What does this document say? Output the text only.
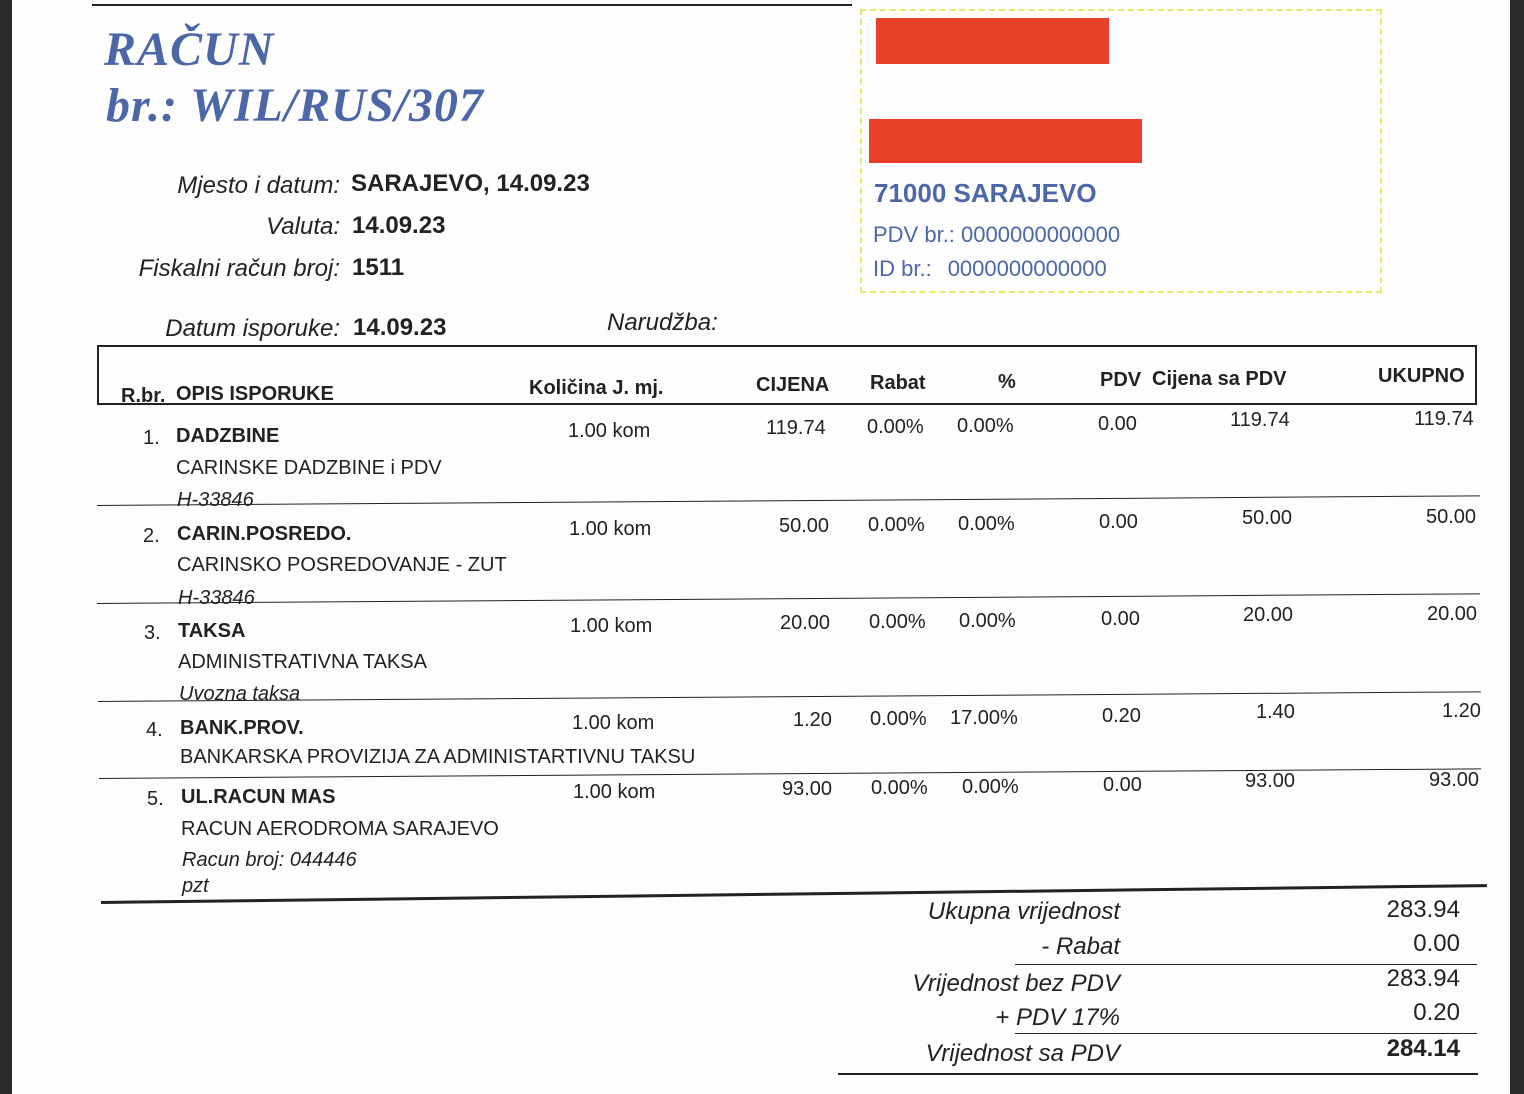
RAČUN
br.: WIL/RUS/307
71000 SARAJEVO
PDV br.: 0000000000000
ID br.: 0000000000000
Mjesto i datum: SARAJEVO, 14.09.23
Valuta: 14.09.23
Fiskalni račun broj: 1511
Datum isporuke: 14.09.23	Narudžba:
R.br. OPIS ISPORUKE	Količina J. mj.	CIJENA Rabat	%	PDV Cijena sa PDV	UKUPNO
1. DADZBINE
CARINSKE DADZBINE i PDV
H-33846
1.00 kom	119.74 0.00% 0.00%	0.00	119.74	119.74
2. CARIN.POSREDO.
CARINSKO POSREDOVANJE - ZUT
H-33846
1.00 kom	50.00 0.00% 0.00%	0.00	50.00	50.00
3. TAKSA
ADMINISTRATIVNA TAKSA
Uvozna taksa
1.00 kom	20.00 0.00% 0.00%	0.00	20.00	20.00
4. BANK.PROV.
BANKARSKA PROVIZIJA ZA ADMINISTARTIVNU TAKSU
1.00 kom	1.20 0.00% 17.00%	0.20	1.40	1.20
5. UL.RACUN MAS
RACUN AERODROMA SARAJEVO
Racun broj: 044446
pzt
1.00 kom	93.00 0.00% 0.00%	0.00	93.00	93.00
Ukupna vrijednost	283.94
- Rabat	0.00
Vrijednost bez PDV	283.94
+ PDV 17%	0.20
Vrijednost sa PDV	284.14
